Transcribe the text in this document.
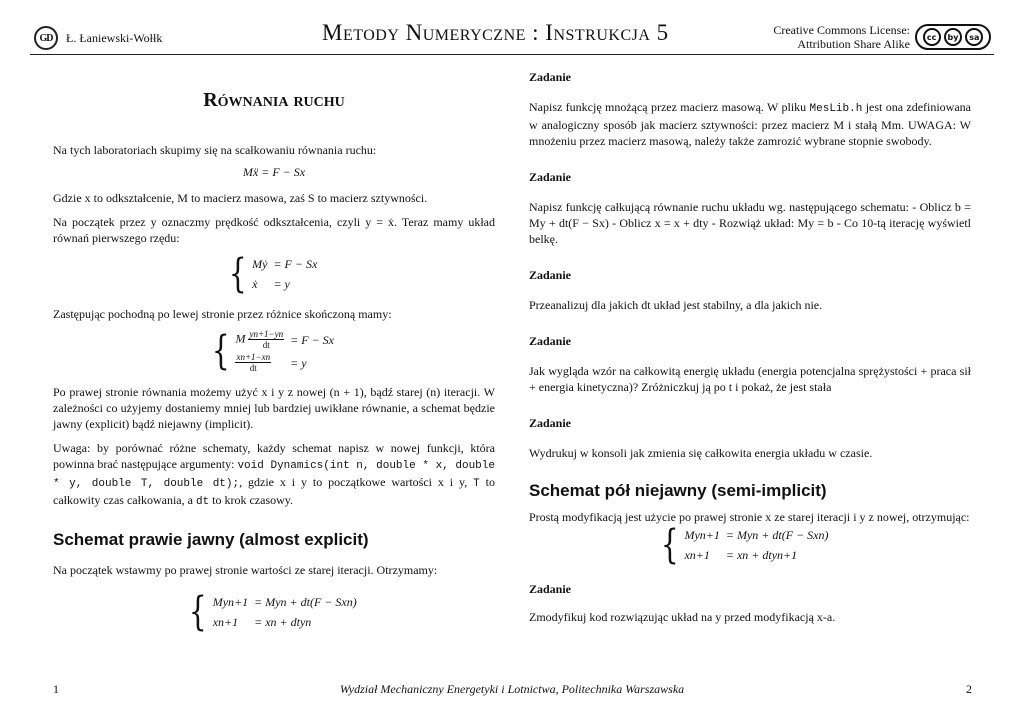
GD	Ł. Łaniewski-Wołłk	Metody Numeryczne : Instrukcja 5	Creative Commons License:
Attribution Share Alike	cc	by	sa
Równania ruchu

Na tych laboratoriach skupimy się na scałkowaniu równania ruchu:

Mẍ = F − Sx

Gdzie x to odkształcenie, M to macierz masowa, zaś S to macierz sztywności.

Na początek przez y oznaczmy prędkość odkształcenia, czyli y = ẋ. Teraz mamy układ równań pierwszego rzędu:

{ Mẏ	= F − Sx
ẋ	= y

Zastępując pochodną po lewej stronie przez różnice skończoną mamy:

{ M $\frac{yn+1-yn}{dt}$	= F − Sx

$\frac{xn+1-xn}{dt}$	= y

Po prawej stronie równania możemy użyć x i y z nowej (n + 1), bądź starej (n) iteracji. W zależności co użyjemy dostaniemy mniej lub bardziej uwikłane równanie, a schemat będzie jawny (explicit) bądź niejawny (implicit).

Uwaga: by porównać różne schematy, każdy schemat napisz w nowej funkcji, która powinna brać następujące argumenty: void Dynamics(int n, double * x, double * y, double T, double dt);, gdzie x i y to początkowe wartości x i y, T to całkowity czas całkowania, a dt to krok czasowy.

Schemat prawie jawny (almost explicit)

Na początek wstawmy po prawej stronie wartości ze starej iteracji. Otrzymamy:

{ Myn+1	= Myn + dt(F − Sxn)
xn+1	= xn + dtyn
Zadanie

Napisz funkcję mnożącą przez macierz masową. W pliku MesLib.h jest ona zdefiniowana w analogiczny sposób jak macierz sztywności: przez macierz M i stałą Mm. UWAGA: W mnożeniu przez macierz masową, należy także zamrozić wybrane stopnie swobody.

Zadanie

Napisz funkcję całkującą równanie ruchu układu wg. następującego schematu: - Oblicz b = My + dt(F − Sx) - Oblicz x = x + dty - Rozwiąż układ: My = b - Co 10-tą iterację wyświetl belkę.

Zadanie

Przeanalizuj dla jakich dt układ jest stabilny, a dla jakich nie.

Zadanie

Jak wygląda wzór na całkowitą energię układu (energia potencjalna sprężystości + praca sił + energia kinetyczna)? Zróżniczkuj ją po t i pokaż, że jest stała

Zadanie

Wydrukuj w konsoli jak zmienia się całkowita energia układu w czasie.

Schemat pół niejawny (semi-implicit)

Prostą modyfikacją jest użycie po prawej stronie x ze starej iteracji i y z nowej, otrzymując:

{ Myn+1	= Myn + dt(F − Sxn)
xn+1	= xn + dtyn+1
Zadanie

Zmodyfikuj kod rozwiązując układ na y przed modyfikacją x-a.

1	Wydział Mechaniczny Energetyki i Lotnictwa, Politechnika Warszawska	2
